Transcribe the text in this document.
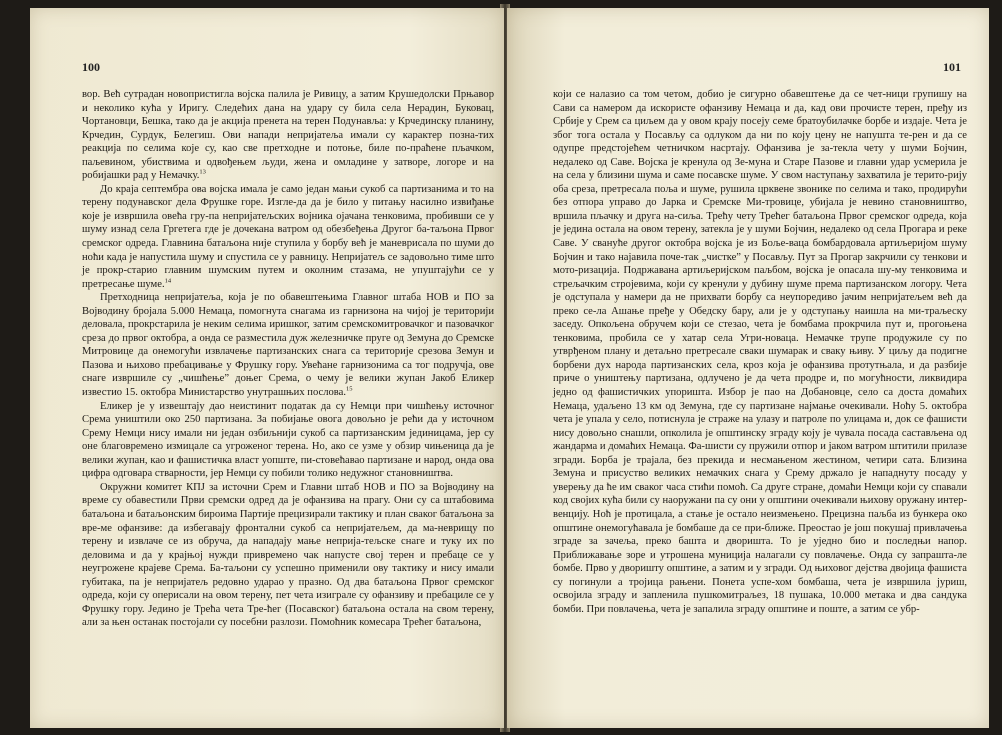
100

вор. Већ сутрадан новопристигла војска палила је Ривицу, а затим Крушедолски Прњавор и неколико кућа у Иригу. Следећих дана на удару су била села Нерадин, Буковац, Чортановци, Бешка, тако да је акција пренета на терен Подунавља: у Крчединску планину, Крчедин, Сурдук, Белегиш. Ови напади непријатеља имали су карактер позна-тих реакција по селима које су, као све претходне и потоње, биле по-праћене пљачком, паљевином, убиствима и одвођењем људи, жена и омладине у затворе, логоре и на робијашки рад у Немачку.$^{13}$

До краја септембра ова војска имала је само један мањи сукоб са партизанима и то на терену подунавског дела Фрушке горе. Изгле-да да је било у питању насилно извиђање које је извршила овећа гру-па непријатељских војника ојачана тенковима, пробивши се у шуму изнад села Гргетега где је дочекана ватром од обезбеђења Другог ба-таљона Првог сремског одреда. Главнина батаљона није ступила у борбу већ је маневрисала по шуми до ноћи када је напустила шуму и спустила се у равницу. Непријатељ се задовољно тиме што је прокр-старио главним шумским путем и околним стазама, не упуштајући се у претресање шуме.$^{14}$

Претходница непријатеља, која је по обавештењима Главног штаба НОВ и ПО за Војводину бројала 5.000 Немаца, помогнута снагама из гарнизона на чијој је територији деловала, прокрстарила је неким селима иришког, затим сремскомитровачког и пазовачког среза до првог октобра, а онда се разместила дуж железничке пруге од Земуна до Сремске Митровице да онемогући извлачење партизанских снага са територије срезова Земун и Пазова и њихово пребацивање у Фрушку гору. Увећане гарнизонима са тог подручја, ове снаге извршиле су „чишћење” доњег Срема, о чему је велики жупан Јакоб Еликер известио 15. октобра Министарство унутрашњих послова.$^{15}$

Еликер је у извештају дао неистинит податак да су Немци при чишћењу источног Срема уништили око 250 партизана. За побијање овога довољно је рећи да у источном Срему Немци нису имали ни један озбиљнији сукоб са партизанским јединицама, јер су оне благовремено измицале са угроженог терена. Но, ако се узме у обзир чињеница да је велики жупан, као и фашистичка власт уопште, пи-стовећавао партизане и народ, онда ова цифра одговара стварности, јер Немци су побили толико недужног становништва.

Окружни комитет КПЈ за источни Срем и Главни штаб НОВ и ПО за Војводину на време су обавестили Први сремски одред да је офанзива на прагу. Они су са штабовима батаљона и батаљонским бироима Партије прецизирали тактику и план сваког батаљона за вре-ме офанзиве: да избегавају фронтални сукоб са непријатељем, да ма-неврищу по терену и извлаче се из обруча, да нападају мање неприја-тељске снаге и туку их по деловима и да у крајњој нужди привремено чак напусте свој терен и пребаце се у неугроженe крајеве Срема. Ба-таљони су успешно применили ову тактику и нису имали губитака, па је непријатељ редовно ударао у празно. Од два батаљона Првог сремског одреда, који су оперисали на овом терену, пет чета изиграле су офанзиву и пребациле се у Фрушку гору. Једино је Трећа чета Тре-ћег (Посавског) батаљона остала на свом терену, али за њен останак постојали су посебни разлози. Помоћник комесара Трећег батаљона,

101

који се налазио са том четом, добио је сигурно обавештење да се чет-ници групишу на Сави са намером да искористе офанзиву Немаца и да, кад ови прочисте терен, пређу из Србије у Срем са циљем да у овом крају посеју семе братоубилачке борбе и издаје. Чета је због тога остала у Посављу са одлуком да ни по коју цену не напушта те-рен и да се одупре предстојећем четничком насртају. Офанзива је за-текла чету у шуми Бојчин, недалеко од Саве. Војска је кренула од Зе-муна и Старе Пазове и главни удар усмерила је на села у близини шума и саме посавске шуме. У свом наступању захватила је терито-рију оба среза, претресала поља и шуме, рушила црквене звонике по селима и тако, продирући без отпора управо до Јарка и Сремске Ми-тровице, убијала је невино становништво, вршила пљачку и друга на-сиља. Трећу чету Трећег батаљона Првог сремског одреда, која је једина остала на овом терену, затекла је у шуми Бојчин, недалеко од села Прогара и реке Саве. У свануће другог октобра војска је из Боље-ваца бомбардовала артиљеријом шуму Бојчин и тако најавила поче-так „чистке” у Посављу. Пут за Прогар закрчили су тенкови и мото-ризација. Подржавана артиљеријском паљбом, војска је опасала шу-му тенковима и стрељачким стројевима, који су кренули у дубину шуме према партизанском логору. Чета је одступала у намери да не прихвати борбу са неупоредиво јачим непријатељем већ да преко се-ла Ашање пређе у Обедску бару, али је у одступању наишла на ми-траљеску заседу. Опкољена обручем који се стезао, чета је бомбама прокрчила пут и, прогоњена тенковима, пробила се у хатар села Угри-новаца. Немачке трупе продужиле су по утврђеном плану и детаљно претресале сваки шумарак и сваку њиву. У циљу да подигне борбени дух народа партизанских села, кроз која је офанзива протутњала, и да разбије приче о уништењу партизана, одлучено је да чета продре и, по могућности, ликвидира једно од фашистичких упоришта. Избор је пао на Добановце, село са доста домаћих Немаца, удаљено 13 км од Земуна, где су партизане најмање очекивали. Ноћу 5. октобра чета је упала у село, потиснула је страже на улазу и патроле по улицама и, док се фашисти нису довољно снашли, опколила је општинску зграду коју је чувала посада састављена од жандарма и домаћих Немаца. Фа-шисти су пружили отпор и јаком ватром штитили прилазе згради. Борба је трајала, без прекида и несмањеном жестином, четири сата. Близина Земуна и присуство великих немачких снага у Срему држало је нападнуту посаду у уверењу да ће им сваког часа стићи помоћ. Са друге стране, домаћи Немци који су спавали код својих кућа били су наоружани па су они у општини очекивали њихову оружану интер-венцију. Ноћ је протицала, а стање је остало неизмењено. Прецизна паљба из бункера око општине онемогућавала је бомбаше да се при-ближе. Преостао је још покушај привлачења зграде за зачеља, преко башта и дворишта. То је уједно био и последњи напор. Приближавање зоре и утрошена муниција налагали су повлачење. Онда су запрашта-ле бомбе. Прво у дворишту општине, а затим и у згради. Од њиховог дејства двојица фашиста су погинули а тројица рањени. Понета успе-хом бомбаша, чета је извршила јуриш, освојила зграду и запленила пушкомитраљез, 18 пушака, 10.000 метака и два сандука бомби. При повлачења, чета је запалила зграду општине и поште, а затим се убр-
